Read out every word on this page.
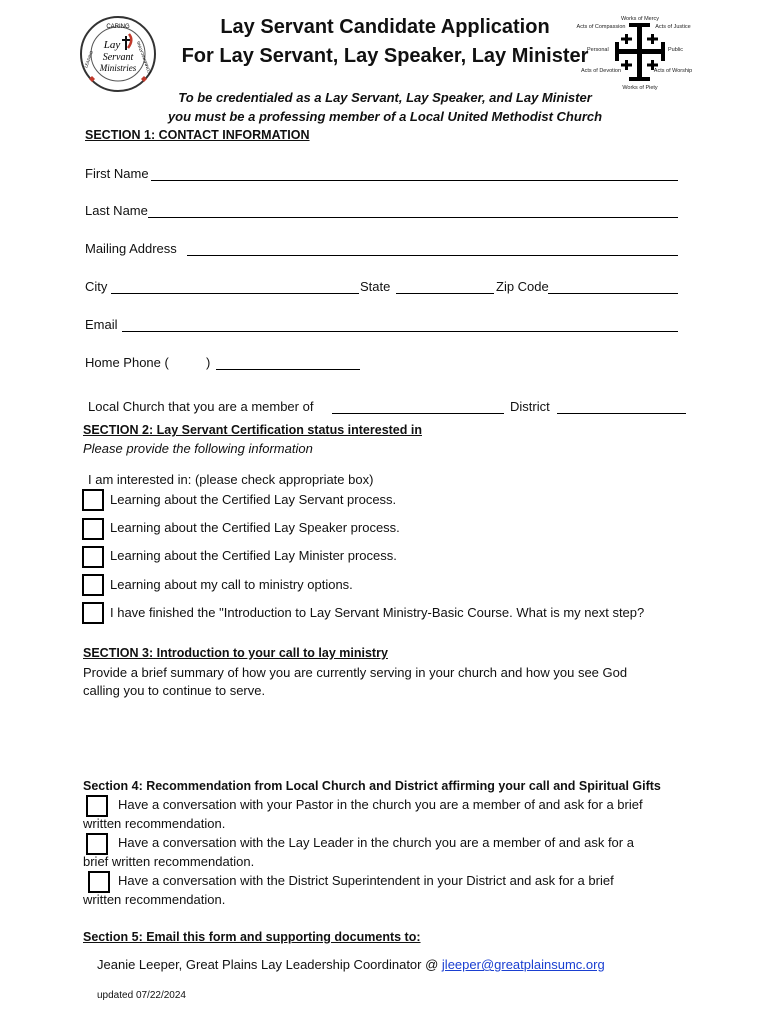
CARING
LEADING	COMMUNICATING
Lay
Servant
Ministries
Lay Servant Candidate Application
For Lay Servant, Lay Speaker, Lay Minister
Works of Mercy
Acts of Compassion	Acts of Justice
Personal	Public
Acts of Devotion	Acts of Worship
Works of Piety
To be credentialed as a Lay Servant, Lay Speaker, and Lay Minister
you must be a professing member of a Local United Methodist Church
SECTION 1: CONTACT INFORMATION
First Name
Last Name
Mailing Address
City	State	Zip Code
Email
Home Phone (	)
Local Church that you are a member of	District
SECTION 2: Lay Servant Certification status interested in
Please provide the following information
I am interested in: (please check appropriate box)
Learning about the Certified Lay Servant process.
Learning about the Certified Lay Speaker process.
Learning about the Certified Lay Minister process.
Learning about my call to ministry options.
I have finished the "Introduction to Lay Servant Ministry-Basic Course. What is my next step?
SECTION 3: Introduction to your call to lay ministry
Provide a brief summary of how you are currently serving in your church and how you see God
calling you to continue to serve.
Section 4: Recommendation from Local Church and District affirming your call and Spiritual Gifts
Have a conversation with your Pastor in the church you are a member of and ask for a brief
written recommendation.
Have a conversation with the Lay Leader in the church you are a member of and ask for a
brief written recommendation.
Have a conversation with the District Superintendent in your District and ask for a brief
written recommendation.
Section 5: Email this form and supporting documents to:
Jeanie Leeper, Great Plains Lay Leadership Coordinator @ jleeper@greatplainsumc.org
updated 07/22/2024
